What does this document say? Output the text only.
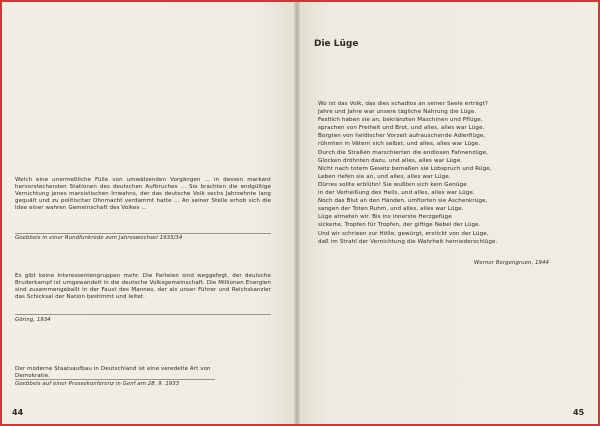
Welch eine unermeßliche Fülle von umwälzenden Vorgängen ... in dessen markant hervorstechenden Stationen des deutschen Aufbruches ... Sie brachten die endgültige Vernichtung jenes marxistischen Irrwahns, der das deutsche Volk sechs Jahrzehnte lang gequält und zu politischer Ohnmacht verdammt hatte ... An seiner Stelle erhob sich die Idee einer wahren Gemeinschaft des Volkes ...
Goebbels in einer Rundfunkrede zum Jahreswechsel 1933/34
Es gibt keine Interessentengruppen mehr. Die Parteien sind weggefegt, der deutsche Bruderkampf ist umgewandelt in die deutsche Volksgemeinschaft. Die Millionen Energien sind zusammengeballt in der Faust des Mannes, der als unser Führer und Reichskanzler das Schicksal der Nation bestimmt und leitet.
Göring, 1934
Der moderne Staatsaufbau in Deutschland ist eine veredelte Art von Demokratie.
Goebbels auf einer Pressekonferenz in Genf am 28. 9. 1933
44
Die Lüge
Wo ist das Volk, das dies schadlos an seiner Seele erträgt?
Jahre und Jahre war unsere tägliche Nahrung die Lüge.
Festlich haben sie an, bekränzten Maschinen und Pflüge,
sprachen von Freiheit und Brot, und alles, alles war Lüge.
Borgten von heldischer Vorzeit aufrauschende Adlerflüge,
rühmten in Vätern sich selbst, und alles, alles war Lüge.
Durch die Straßen marschierten die endlosen Fahnenzüge,
Glocken dröhnten dazu, und alles, alles war Lüge.
Nicht nach totem Gesetz bemaßen sie Lobspruch und Rüge,
Leben riefen sie an, und alles, alles war Lüge.
Dürres sollte erblühn! Sie wußten sich kein Genüge
in der Verheißung des Heils, und alles, alles war Lüge.
Noch das Blut an den Händen, umflorten sie Aschenkrüge,
sangen der Toten Ruhm, und alles, alles war Lüge.
Lüge atmeten wir. Bis ins innerste Herzgefüge
sickerte, Tropfen für Tropfen, der giftige Nebel der Lüge.
Und wir schrieen zur Hölle, gewürgt, erstickt von der Lüge,
daß im Strahl der Vernichtung die Wahrheit herniederschlüge.
Werner Bergengruen, 1944
45
